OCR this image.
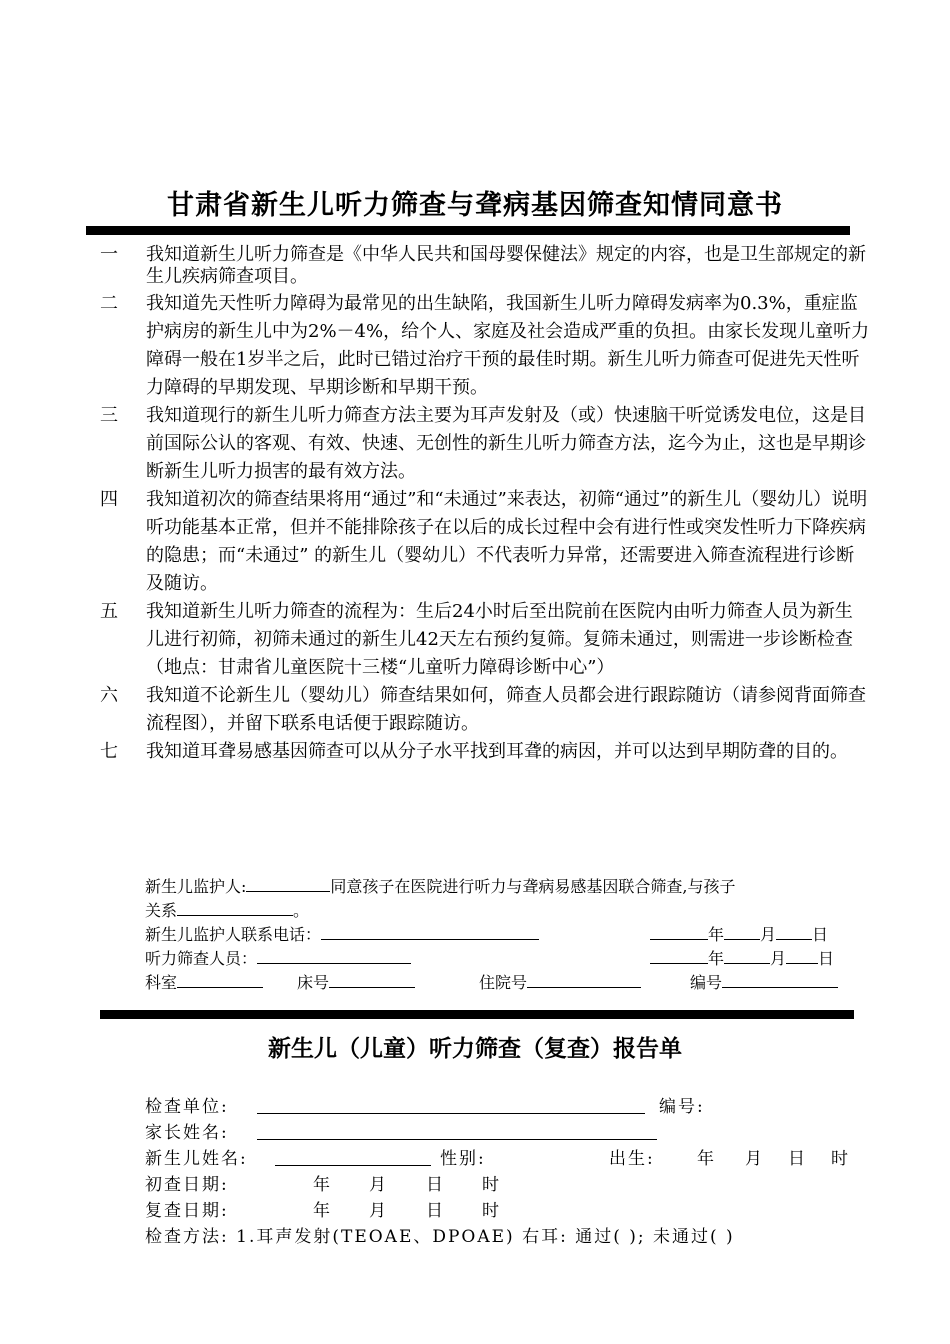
甘肃省新生儿听力筛查与聋病基因筛查知情同意书
一	我知道新生儿听力筛查是《中华人民共和国母婴保健法》规定的内容，也是卫生部规定的新生儿疾病筛查项目。
二	我知道先天性听力障碍为最常见的出生缺陷，我国新生儿听力障碍发病率为0.3%，重症监护病房的新生儿中为2%－4%，给个人、家庭及社会造成严重的负担。由家长发现儿童听力障碍一般在1岁半之后，此时已错过治疗干预的最佳时期。新生儿听力筛查可促进先天性听力障碍的早期发现、早期诊断和早期干预。
三	我知道现行的新生儿听力筛查方法主要为耳声发射及（或）快速脑干听觉诱发电位，这是目前国际公认的客观、有效、快速、无创性的新生儿听力筛查方法，迄今为止，这也是早期诊断新生儿听力损害的最有效方法。
四	我知道初次的筛查结果将用“通过”和“未通过”来表达，初筛“通过”的新生儿（婴幼儿）说明听功能基本正常，但并不能排除孩子在以后的成长过程中会有进行性或突发性听力下降疾病的隐患；而“未通过” 的新生儿（婴幼儿）不代表听力异常，还需要进入筛查流程进行诊断及随访。
五	我知道新生儿听力筛查的流程为：生后24小时后至出院前在医院内由听力筛查人员为新生儿进行初筛，初筛未通过的新生儿42天左右预约复筛。复筛未通过，则需进一步诊断检查（地点：甘肃省儿童医院十三楼“儿童听力障碍诊断中心”）
六	我知道不论新生儿（婴幼儿）筛查结果如何，筛查人员都会进行跟踪随访（请参阅背面筛查流程图），并留下联系电话便于跟踪随访。
七	我知道耳聋易感基因筛查可以从分子水平找到耳聋的病因，并可以达到早期防聋的目的。
新生儿监护人:	同意孩子在医院进行听力与聋病易感基因联合筛查,与孩子
关系	。
新生儿监护人联系电话：	年 月 日
听力筛查人员：	年	月 日
科室	床号	住院号	编号
新生儿（儿童）听力筛查（复查）报告单
检查单位:	编号:
家长姓名:
新生儿姓名:	性别:	出生: 年 月 日 时
初查日期:	年 月 日 时
复查日期:	年 月 日 时
检查方法: 1.耳声发射(TEOAE、DPOAE) 右耳: 通过( ); 未通过( )
